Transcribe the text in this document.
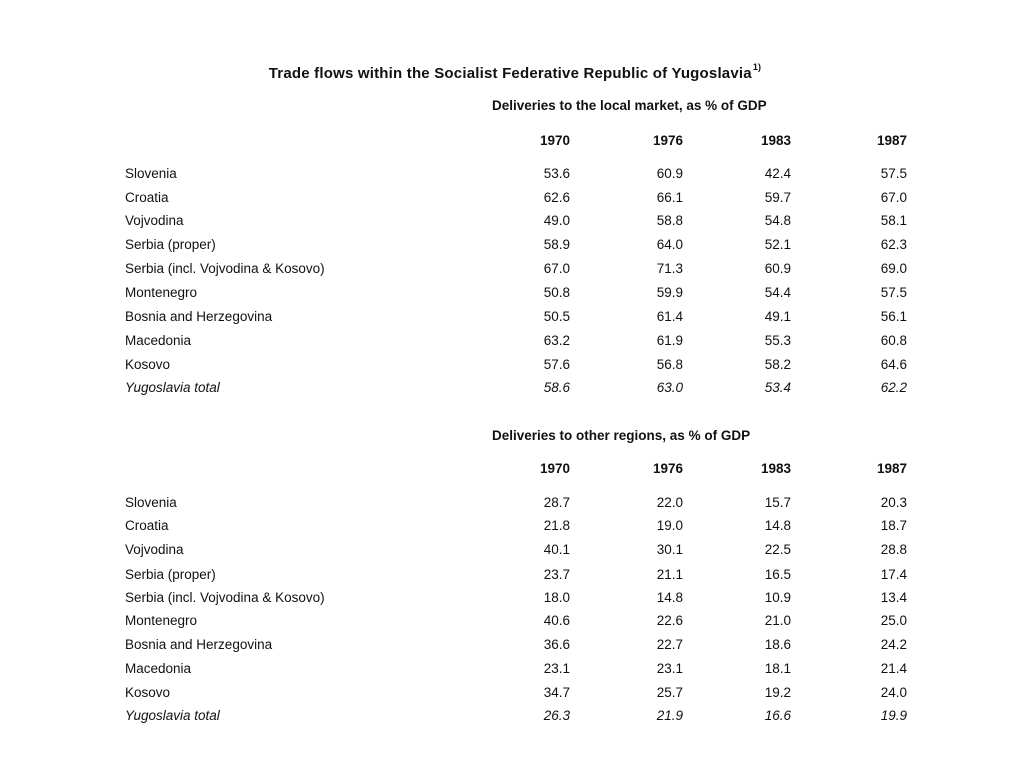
Trade flows within the Socialist Federative Republic of Yugoslavia$^{1)}$
Deliveries to the local market, as % of GDP
1970	1976	1983	1987
Slovenia	53.6	60.9	42.4	57.5
Croatia	62.6	66.1	59.7	67.0
Vojvodina	49.0	58.8	54.8	58.1
Serbia (proper)	58.9	64.0	52.1	62.3
Serbia (incl. Vojvodina & Kosovo)	67.0	71.3	60.9	69.0
Montenegro	50.8	59.9	54.4	57.5
Bosnia and Herzegovina	50.5	61.4	49.1	56.1
Macedonia	63.2	61.9	55.3	60.8
Kosovo	57.6	56.8	58.2	64.6
Yugoslavia total	58.6	63.0	53.4	62.2
Deliveries to other regions, as % of GDP
1970	1976	1983	1987
Slovenia	28.7	22.0	15.7	20.3
Croatia	21.8	19.0	14.8	18.7
Vojvodina	40.1	30.1	22.5	28.8
Serbia (proper)	23.7	21.1	16.5	17.4
Serbia (incl. Vojvodina & Kosovo)	18.0	14.8	10.9	13.4
Montenegro	40.6	22.6	21.0	25.0
Bosnia and Herzegovina	36.6	22.7	18.6	24.2
Macedonia	23.1	23.1	18.1	21.4
Kosovo	34.7	25.7	19.2	24.0
Yugoslavia total	26.3	21.9	16.6	19.9
